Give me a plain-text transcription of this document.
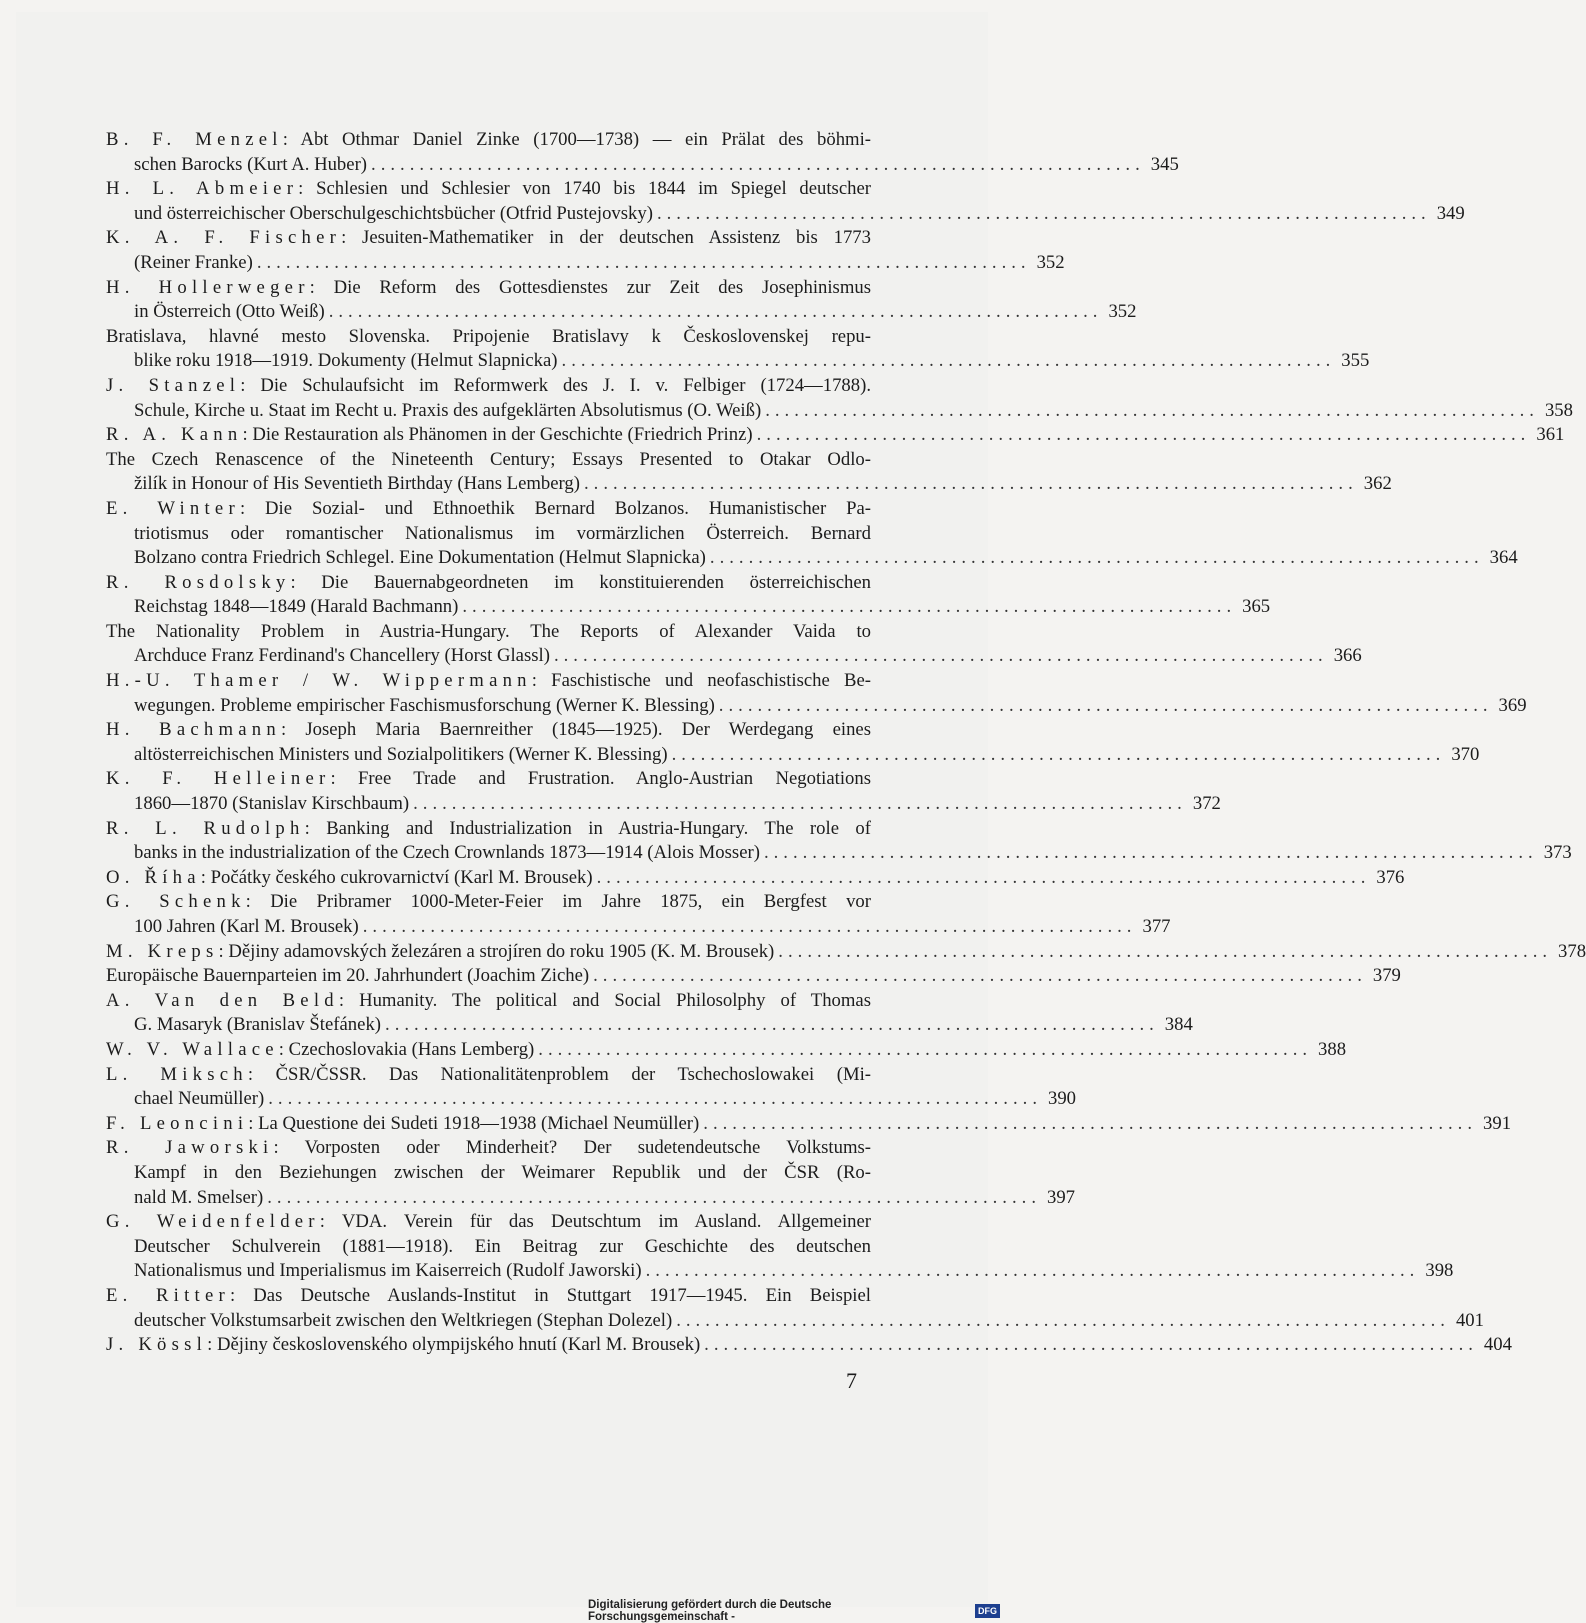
B. F. Menzel: Abt Othmar Daniel Zinke (1700—1738) — ein Prälat des böhmi-
schen Barocks (Kurt A. Huber) ................................................................................ 345
H. L. Abmeier: Schlesien und Schlesier von 1740 bis 1844 im Spiegel deutscher
und österreichischer Oberschulgeschichtsbücher (Otfrid Pustejovsky) ................................................................................ 349
K. A. F. Fischer: Jesuiten-Mathematiker in der deutschen Assistenz bis 1773
(Reiner Franke) ................................................................................ 352
H. Hollerweger: Die Reform des Gottesdienstes zur Zeit des Josephinismus
in Österreich (Otto Weiß) ................................................................................ 352
Bratislava, hlavné mesto Slovenska. Pripojenie Bratislavy k Československej repu-
blike roku 1918—1919. Dokumenty (Helmut Slapnicka) ................................................................................ 355
J. Stanzel: Die Schulaufsicht im Reformwerk des J. I. v. Felbiger (1724—1788).
Schule, Kirche u. Staat im Recht u. Praxis des aufgeklärten Absolutismus (O. Weiß) ................................................................................ 358
R. A. Kann: Die Restauration als Phänomen in der Geschichte (Friedrich Prinz) ................................................................................ 361
The Czech Renascence of the Nineteenth Century; Essays Presented to Otakar Odlo-
žilík in Honour of His Seventieth Birthday (Hans Lemberg) ................................................................................ 362
E. Winter: Die Sozial- und Ethnoethik Bernard Bolzanos. Humanistischer Pa-
triotismus oder romantischer Nationalismus im vormärzlichen Österreich. Bernard
Bolzano contra Friedrich Schlegel. Eine Dokumentation (Helmut Slapnicka) ................................................................................ 364
R. Rosdolsky: Die Bauernabgeordneten im konstituierenden österreichischen
Reichstag 1848—1849 (Harald Bachmann) ................................................................................ 365
The Nationality Problem in Austria-Hungary. The Reports of Alexander Vaida to
Archduce Franz Ferdinand's Chancellery (Horst Glassl) ................................................................................ 366
H.-U. Thamer / W. Wippermann: Faschistische und neofaschistische Be-
wegungen. Probleme empirischer Faschismusforschung (Werner K. Blessing) ................................................................................ 369
H. Bachmann: Joseph Maria Baernreither (1845—1925). Der Werdegang eines
altösterreichischen Ministers und Sozialpolitikers (Werner K. Blessing) ................................................................................ 370
K. F. Helleiner: Free Trade and Frustration. Anglo-Austrian Negotiations
1860—1870 (Stanislav Kirschbaum) ................................................................................ 372
R. L. Rudolph: Banking and Industrialization in Austria-Hungary. The role of
banks in the industrialization of the Czech Crownlands 1873—1914 (Alois Mosser) ................................................................................ 373
O. Říha: Počátky českého cukrovarnictví (Karl M. Brousek) ................................................................................ 376
G. Schenk: Die Pribramer 1000-Meter-Feier im Jahre 1875, ein Bergfest vor
100 Jahren (Karl M. Brousek) ................................................................................ 377
M. Kreps: Dějiny adamovských železáren a strojíren do roku 1905 (K. M. Brousek) ................................................................................ 378
Europäische Bauernparteien im 20. Jahrhundert (Joachim Ziche) ................................................................................ 379
A. Van den Beld: Humanity. The political and Social Philosolphy of Thomas
G. Masaryk (Branislav Štefánek) ................................................................................ 384
W. V. Wallace: Czechoslovakia (Hans Lemberg) ................................................................................ 388
L. Miksch: ČSR/ČSSR. Das Nationalitätenproblem der Tschechoslowakei (Mi-
chael Neumüller) ................................................................................ 390
F. Leoncini: La Questione dei Sudeti 1918—1938 (Michael Neumüller) ................................................................................ 391
R. Jaworski: Vorposten oder Minderheit? Der sudetendeutsche Volkstums-
Kampf in den Beziehungen zwischen der Weimarer Republik und der ČSR (Ro-
nald M. Smelser) ................................................................................ 397
G. Weidenfelder: VDA. Verein für das Deutschtum im Ausland. Allgemeiner
Deutscher Schulverein (1881—1918). Ein Beitrag zur Geschichte des deutschen
Nationalismus und Imperialismus im Kaiserreich (Rudolf Jaworski) ................................................................................ 398
E. Ritter: Das Deutsche Auslands-Institut in Stuttgart 1917—1945. Ein Beispiel
deutscher Volkstumsarbeit zwischen den Weltkriegen (Stephan Dolezel) ................................................................................ 401
J. Kössl: Dějiny československého olympijského hnutí (Karl M. Brousek) ................................................................................ 404
7
Digitalisierung gefördert durch die Deutsche Forschungsgemeinschaft -	DFG
